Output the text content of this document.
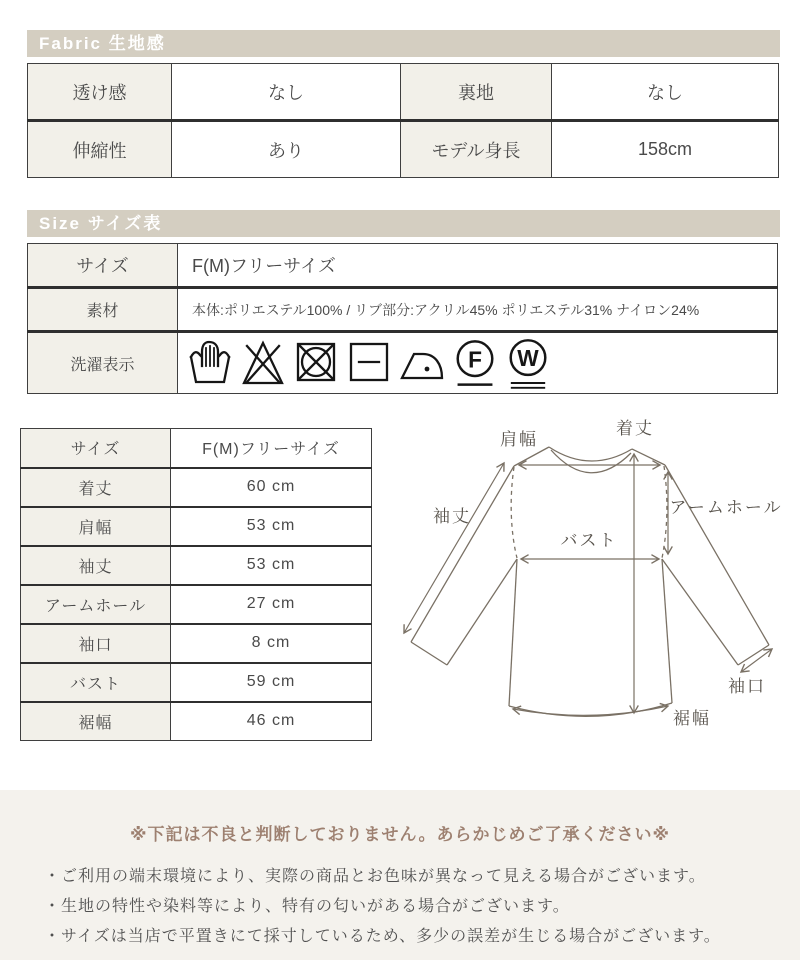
Fabric 生地感
透け感	なし	裏地	なし
伸縮性	あり	モデル身長	158cm
Size サイズ表
サイズ	F(M)フリーサイズ
素材	本体:ポリエステル100% / リブ部分:アクリル45% ポリエステル31% ナイロン24%
洗濯表示	F W
サイズ	F(M)フリーサイズ
着丈	60 cm
肩幅	53 cm
袖丈	53 cm
アームホール	27 cm
袖口	8 cm
バスト	59 cm
裾幅	46 cm
着丈
肩幅
袖丈
バスト
アームホール
袖口
裾幅
※下記は不良と判断しておりません。あらかじめご了承ください※
・ご利用の端末環境により、実際の商品とお色味が異なって見える場合がございます。
・生地の特性や染料等により、特有の匂いがある場合がございます。
・サイズは当店で平置きにて採寸しているため、多少の誤差が生じる場合がございます。
